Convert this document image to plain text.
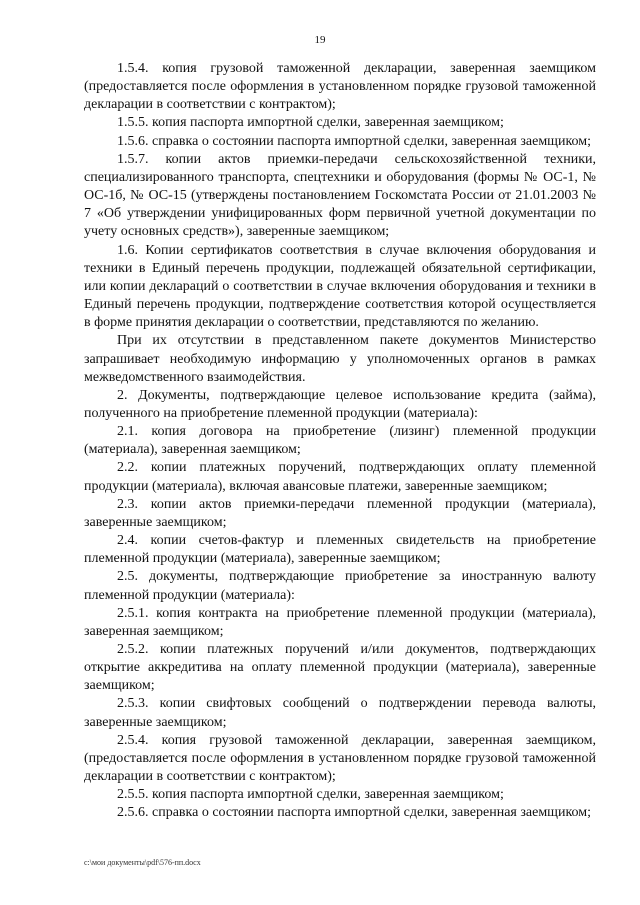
19

1.5.4. копия грузовой таможенной декларации, заверенная заемщиком (предоставляется после оформления в установленном порядке грузовой таможенной декларации в соответствии с контрактом);

1.5.5. копия паспорта импортной сделки, заверенная заемщиком;

1.5.6. справка о состоянии паспорта импортной сделки, заверенная заемщиком;

1.5.7. копии актов приемки-передачи сельскохозяйственной техники, специализированного транспорта, спецтехники и оборудования (формы № ОС-1, № ОС-1б, № ОС-15 (утверждены постановлением Госкомстата России от 21.01.2003 № 7 «Об утверждении унифицированных форм первичной учетной документации по учету основных средств»), заверенные заемщиком;

1.6. Копии сертификатов соответствия в случае включения оборудования и техники в Единый перечень продукции, подлежащей обязательной сертификации, или копии деклараций о соответствии в случае включения оборудования и техники в Единый перечень продукции, подтверждение соответствия которой осуществляется в форме принятия декларации о соответствии, представляются по желанию.

При их отсутствии в представленном пакете документов Министерство запрашивает необходимую информацию у уполномоченных органов в рамках межведомственного взаимодействия.

2. Документы, подтверждающие целевое использование кредита (займа), полученного на приобретение племенной продукции (материала):

2.1. копия договора на приобретение (лизинг) племенной продукции (материала), заверенная заемщиком;

2.2. копии платежных поручений, подтверждающих оплату племенной продукции (материала), включая авансовые платежи, заверенные заемщиком;

2.3. копии актов приемки-передачи племенной продукции (материала), заверенные заемщиком;

2.4. копии счетов-фактур и племенных свидетельств на приобретение племенной продукции (материала), заверенные заемщиком;

2.5. документы, подтверждающие приобретение за иностранную валюту племенной продукции (материала):

2.5.1. копия контракта на приобретение племенной продукции (материала), заверенная заемщиком;

2.5.2. копии платежных поручений и/или документов, подтверждающих открытие аккредитива на оплату племенной продукции (материала), заверенные заемщиком;

2.5.3. копии свифтовых сообщений о подтверждении перевода валюты, заверенные заемщиком;

2.5.4. копия грузовой таможенной декларации, заверенная заемщиком, (предоставляется после оформления в установленном порядке грузовой таможенной декларации в соответствии с контрактом);

2.5.5. копия паспорта импортной сделки, заверенная заемщиком;

2.5.6. справка о состоянии паспорта импортной сделки, заверенная заемщиком;

c:\мои документы\pdf\576-пп.docx
